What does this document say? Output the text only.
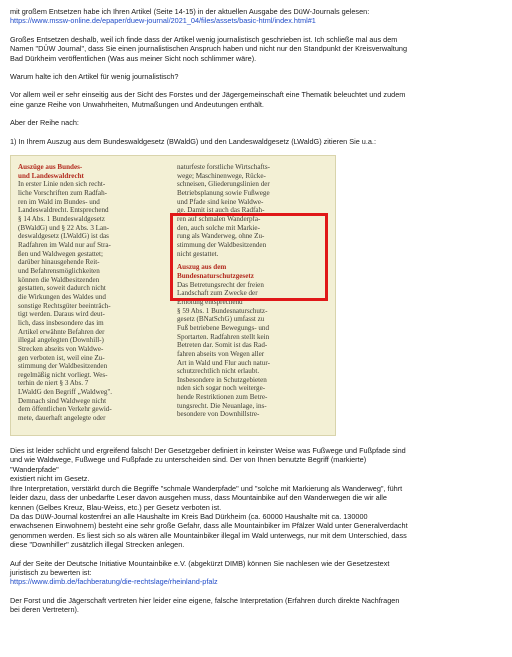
mit großem Entsetzen habe ich Ihren Artikel (Seite 14-15) in der aktuellen Ausgabe des DüW-Journals gelesen:

https://www.mssw-online.de/epaper/duew-journal/2021_04/files/assets/basic-html/index.html#1

Großes Entsetzen deshalb, weil ich finde dass der Artikel wenig journalistisch geschrieben ist. Ich schließe mal aus dem

Namen "DÜW Journal", dass Sie einen journalistischen Anspruch haben und nicht nur den Standpunkt der Kreisverwaltung

Bad Dürkheim veröffentlichen (Was aus meiner Sicht noch schlimmer wäre).

Warum halte ich den Artikel für wenig journalistisch?

Vor allem weil er sehr einseitig aus der Sicht des Forstes und der Jägergemeinschaft eine Thematik beleuchtet und zudem

eine ganze Reihe von Unwahrheiten, Mutmaßungen und Andeutungen enthält.

Aber der Reihe nach:

1) In Ihrem Auszug aus dem Bundeswaldgesetz (BWaldG) und den Landeswaldgesetz (LWaldG) zitieren Sie u.a.:

Auszüge aus Bundes-
und Landeswaldrecht
In erster Linie nden sich recht-
liche Vorschriften zum Radfah-
ren im Wald im Bundes- und
Landeswaldrecht. Entsprechend
§ 14 Abs. 1 Bundeswaldgesetz
(BWaldG) und § 22 Abs. 3 Lan-
deswaldgesetz (LWaldG) ist das
Radfahren im Wald nur auf Stra-
ßen und Waldwegen gestattet;
darüber hinausgehende Reit-
und Befahrensmöglichkeiten
können die Waldbesitzenden
gestatten, soweit dadurch nicht
die Wirkungen des Waldes und
sonstige Rechtsgüter beeinträch-
tigt werden. Daraus wird deut-
lich, dass insbesondere das im
Artikel erwähnte Befahren der
illegal angelegten (Downhill-)
Strecken abseits von Waldwe-
gen verboten ist, weil eine Zu-
stimmung der Waldbesitzenden
regelmäßig nicht vorliegt. Wes-
terhin de niert § 3 Abs. 7
LWaldG den Begriff „Waldweg".
Demnach sind Waldwege nicht
dem öffentlichen Verkehr gewid-
mete, dauerhaft angelegte oder
naturfeste forstliche Wirtschafts-
wege; Maschinenwege, Rücke-
schneisen, Gliederungslinien der
Betriebsplanung sowie Fußwege
und Pfade sind keine Waldwe-
ge. Damit ist auch das Radfah-
ren auf schmalen Wanderpfa-
den, auch solche mit Markie-
rung als Wanderweg, ohne Zu-
stimmung der Waldbesitzenden
nicht gestattet.
Auszug aus dem
Bundesnaturschutzgesetz
Das Betretungsrecht der freien
Landschaft zum Zwecke der
Erholung entsprechend
§ 59 Abs. 1 Bundesnaturschutz-
gesetz (BNatSchG) umfasst zu
Fuß betriebene Bewegungs- und
Sportarten. Radfahren stellt kein
Betreten dar. Somit ist das Rad-
fahren abseits von Wegen aller
Art in Wald und Flur auch natur-
schutzrechtlich nicht erlaubt.
Insbesondere in Schutzgebieten
nden sich sogar noch weiterge-
hende Restriktionen zum Betre-
tungsrecht. Die Neuanlage, ins-
besondere von Downhillstre-

Dies ist leider schlicht und ergreifend falsch! Der Gesetzgeber definiert in keinster Weise was Fußwege und Fußpfade sind

und wie Waldwege, Fußwege und Fußpfade zu unterscheiden sind. Der von Ihnen benutzte Begriff (markierte)

"Wanderpfade"

existiert nicht im Gesetz.

Ihre Interpretation, verstärkt durch die Begriffe "schmale Wanderpfade" und "solche mit Markierung als Wanderweg", führt

leider dazu, dass der unbedarfte Leser davon ausgehen muss, dass Mountainbike auf den Wanderwegen die wir alle

kennen (Gelbes Kreuz, Blau-Weiss, etc.) per Gesetz verboten ist.

Da das DüW-Journal kostenfrei an alle Haushalte im Kreis Bad Dürkheim (ca. 60000 Haushalte mit ca. 130000

erwachsenen Einwohnern) besteht eine sehr große Gefahr, dass alle Mountainbiker im Pfälzer Wald unter Generalverdacht

genommen werden. Es liest sich so als wären alle Mountainbiker illegal im Wald unterwegs, nur mit dem Unterschied, dass

diese "Downhiller" zusätzlich illegal Strecken anlegen.

Auf der Seite der Deutsche Initiative Mountainbike e.V. (abgekürzt DIMB) können Sie nachlesen wie der Gesetzestext

juristisch zu bewerten ist:

https://www.dimb.de/fachberatung/die-rechtslage/rheinland-pfalz

Der Forst und die Jägerschaft vertreten hier leider eine eigene, falsche Interpretation (Erfahren durch direkte Nachfragen

bei deren Vertretern).
